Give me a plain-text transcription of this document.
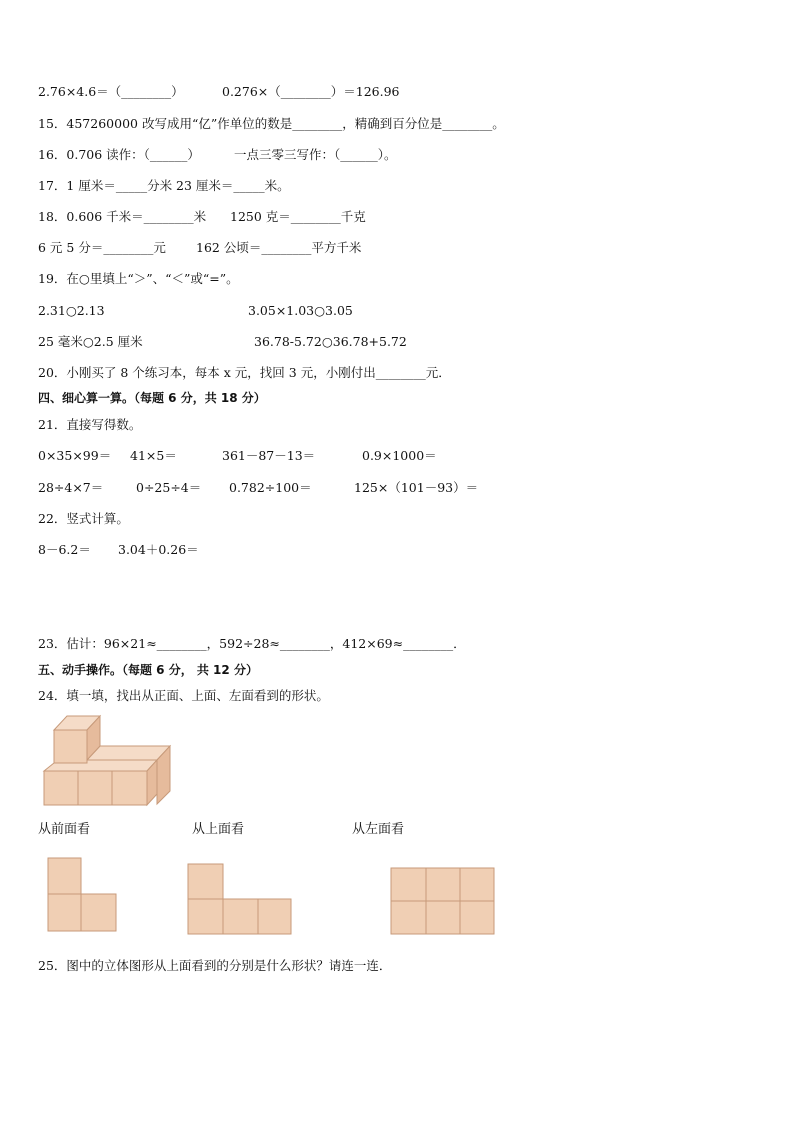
2.76×4.6＝（________）	0.276×（________）＝126.96
15．457260000 改写成用“亿”作单位的数是________，精确到百分位是________。
16．0.706 读作：（______）	一点三零三写作：（______）。
17．1 厘米＝_____分米 23 厘米＝_____米。
18．0.606 千米＝________米 1250 克＝________千克
6 元 5 分＝________元 162 公顷＝________平方千米
19．在○里填上“＞”、“＜”或“=”。
2.31○2.13	3.05×1.03○3.05
25 毫米○2.5 厘米	36.78-5.72○36.78+5.72
20．小刚买了 8 个练习本，每本 x 元，找回 3 元，小刚付出________元．
四、细心算一算。（每题 6 分，共 18 分）
21．直接写得数。
0×35×99＝ 41×5＝	361－87－13＝	0.9×1000＝
28÷4×7＝	0÷25÷4＝ 0.782÷100＝	125×（101－93）＝
22．竖式计算。
8－6.2＝ 3.04＋0.26＝
23．估计：96×21≈________，592÷28≈________，412×69≈________．
五、动手操作。（每题 6 分， 共 12 分）
24．填一填，找出从正面、上面、左面看到的形状。
从前面看	从上面看	从左面看
25．图中的立体图形从上面看到的分别是什么形状？请连一连．
